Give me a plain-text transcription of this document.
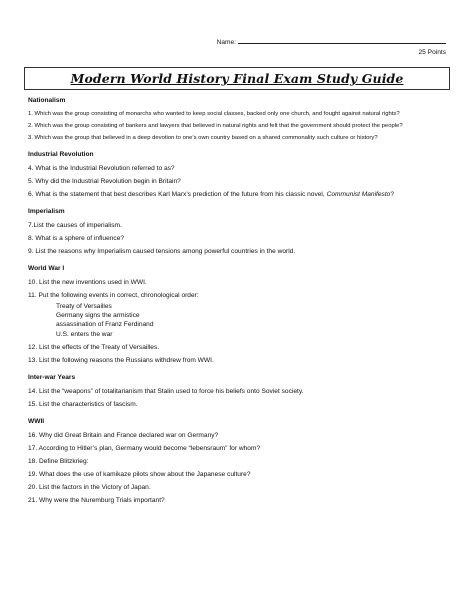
Name:
25 Points
Modern World History Final Exam Study Guide
Nationalism
1. Which was the group consisting of monarchs who wanted to keep social classes, backed only one church, and fought against natural rights?
2. Which was the group consisting of bankers and lawyers that believed in natural rights and felt that the government should protect the people?
3. Which was the group that believed in a deep devotion to one’s own country based on a shared commonality such culture or history?
Industrial Revolution
4. What is the Industrial Revolution referred to as?
5. Why did the Industrial Revolution begin in Britain?
6. What is the statement that best describes Karl Marx’s prediction of the future from his classic novel, Communist Manifesto?
Imperialism
7.List the causes of imperialism.
8. What is a sphere of influence?
9. List the reasons why Imperialism caused tensions among powerful countries in the world.
World War I
10. List the new inventions used in WWI.
11. Put the following events in correct, chronological order:
Treaty of Versailles
Germany signs the armistice
assassination of Franz Ferdinand
U.S. enters the war
12. List the effects of the Treaty of Versailles.
13. List the following reasons the Russians withdrew from WWI.
Inter-war Years
14. List the “weapons” of totalitarianism that Stalin used to force his beliefs onto Soviet society.
15. List the characteristics of fascism.
WWII
16. Why did Great Britain and France declared war on Germany?
17. According to Hitler’s plan, Germany would become “lebensraum” for whom?
18. Define Blitzkrieg:
19. What does the use of kamikaze pilots show about the Japanese culture?
20. List the factors in the Victory of Japan.
21. Why were the Nuremburg Trials important?
